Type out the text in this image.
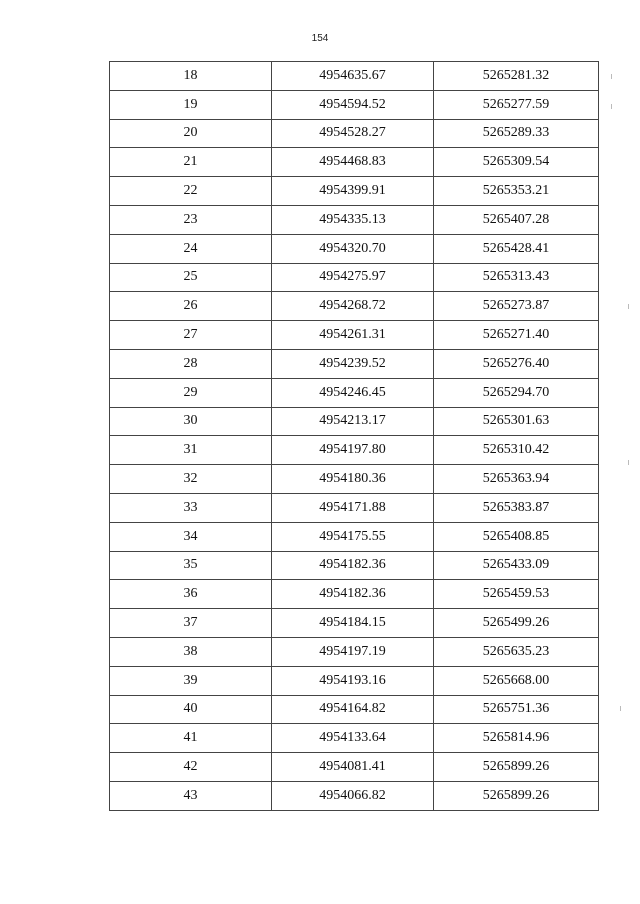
154
18	4954635.67	5265281.32
19	4954594.52	5265277.59
20	4954528.27	5265289.33
21	4954468.83	5265309.54
22	4954399.91	5265353.21
23	4954335.13	5265407.28
24	4954320.70	5265428.41
25	4954275.97	5265313.43
26	4954268.72	5265273.87
27	4954261.31	5265271.40
28	4954239.52	5265276.40
29	4954246.45	5265294.70
30	4954213.17	5265301.63
31	4954197.80	5265310.42
32	4954180.36	5265363.94
33	4954171.88	5265383.87
34	4954175.55	5265408.85
35	4954182.36	5265433.09
36	4954182.36	5265459.53
37	4954184.15	5265499.26
38	4954197.19	5265635.23
39	4954193.16	5265668.00
40	4954164.82	5265751.36
41	4954133.64	5265814.96
42	4954081.41	5265899.26
43	4954066.82	5265899.26
